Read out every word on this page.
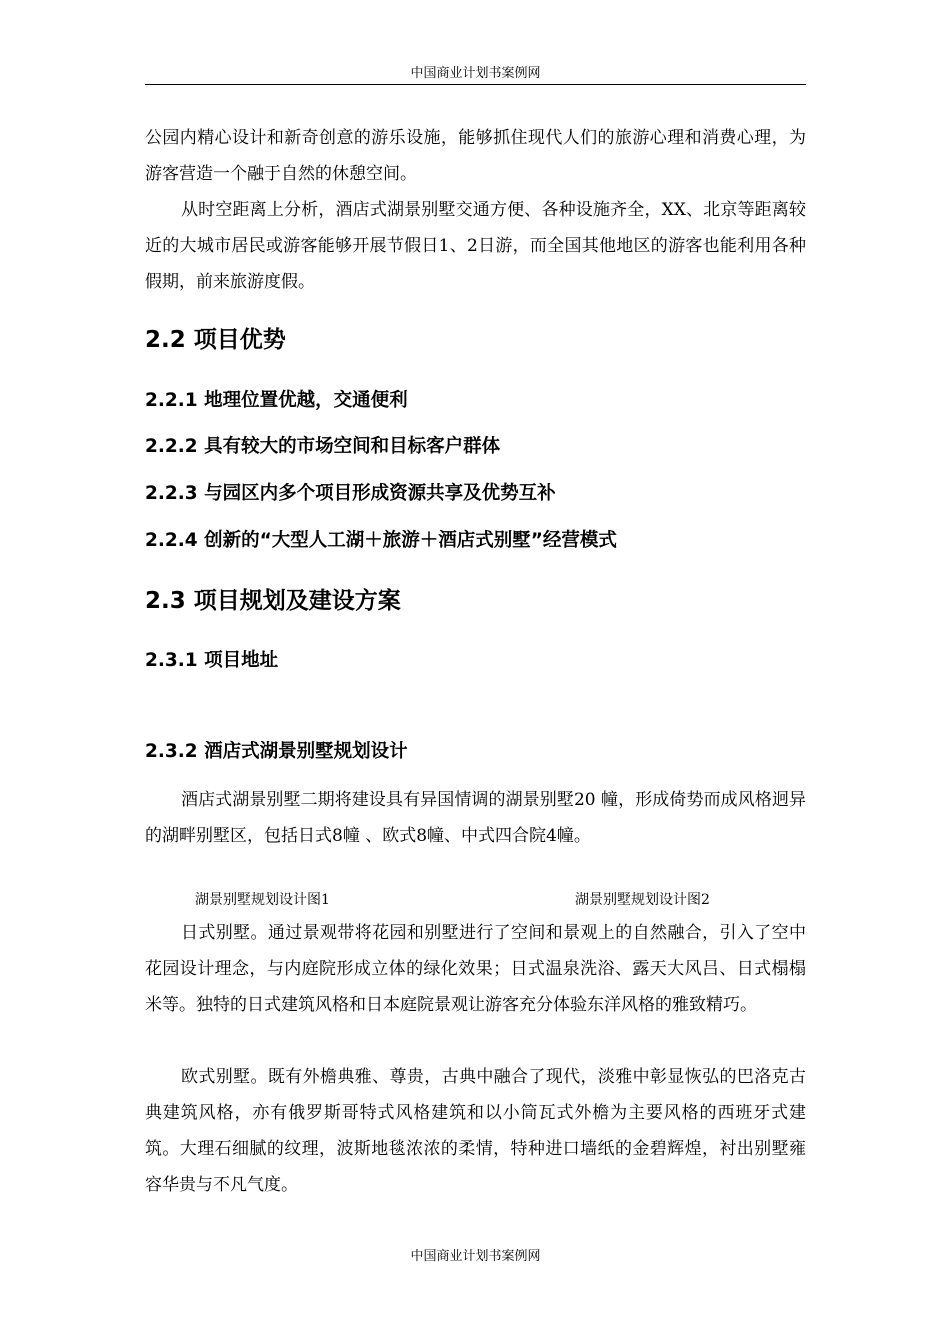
中国商业计划书案例网

公园内精心设计和新奇创意的游乐设施，能够抓住现代人们的旅游心理和消费心理，为游客营造一个融于自然的休憩空间。

从时空距离上分析，酒店式湖景别墅交通方便、各种设施齐全，XX、北京等距离较近的大城市居民或游客能够开展节假日1、2日游，而全国其他地区的游客也能利用各种假期，前来旅游度假。

2.2 项目优势
2.2.1 地理位置优越，交通便利
2.2.2 具有较大的市场空间和目标客户群体
2.2.3 与园区内多个项目形成资源共享及优势互补
2.2.4 创新的“大型人工湖＋旅游＋酒店式别墅”经营模式
2.3 项目规划及建设方案
2.3.1 项目地址
2.3.2 酒店式湖景别墅规划设计

酒店式湖景别墅二期将建设具有异国情调的湖景别墅20 幢，形成倚势而成风格迥异的湖畔别墅区，包括日式8幢 、欧式8幢、中式四合院4幢。

湖景别墅规划设计图1	湖景别墅规划设计图2

日式别墅。通过景观带将花园和别墅进行了空间和景观上的自然融合，引入了空中花园设计理念，与内庭院形成立体的绿化效果；日式温泉洗浴、露天大风吕、日式榻榻米等。独特的日式建筑风格和日本庭院景观让游客充分体验东洋风格的雅致精巧。

欧式别墅。既有外檐典雅、尊贵，古典中融合了现代，淡雅中彰显恢弘的巴洛克古典建筑风格，亦有俄罗斯哥特式风格建筑和以小筒瓦式外檐为主要风格的西班牙式建筑。大理石细腻的纹理，波斯地毯浓浓的柔情，特种进口墙纸的金碧辉煌，衬出别墅雍容华贵与不凡气度。

中国商业计划书案例网
